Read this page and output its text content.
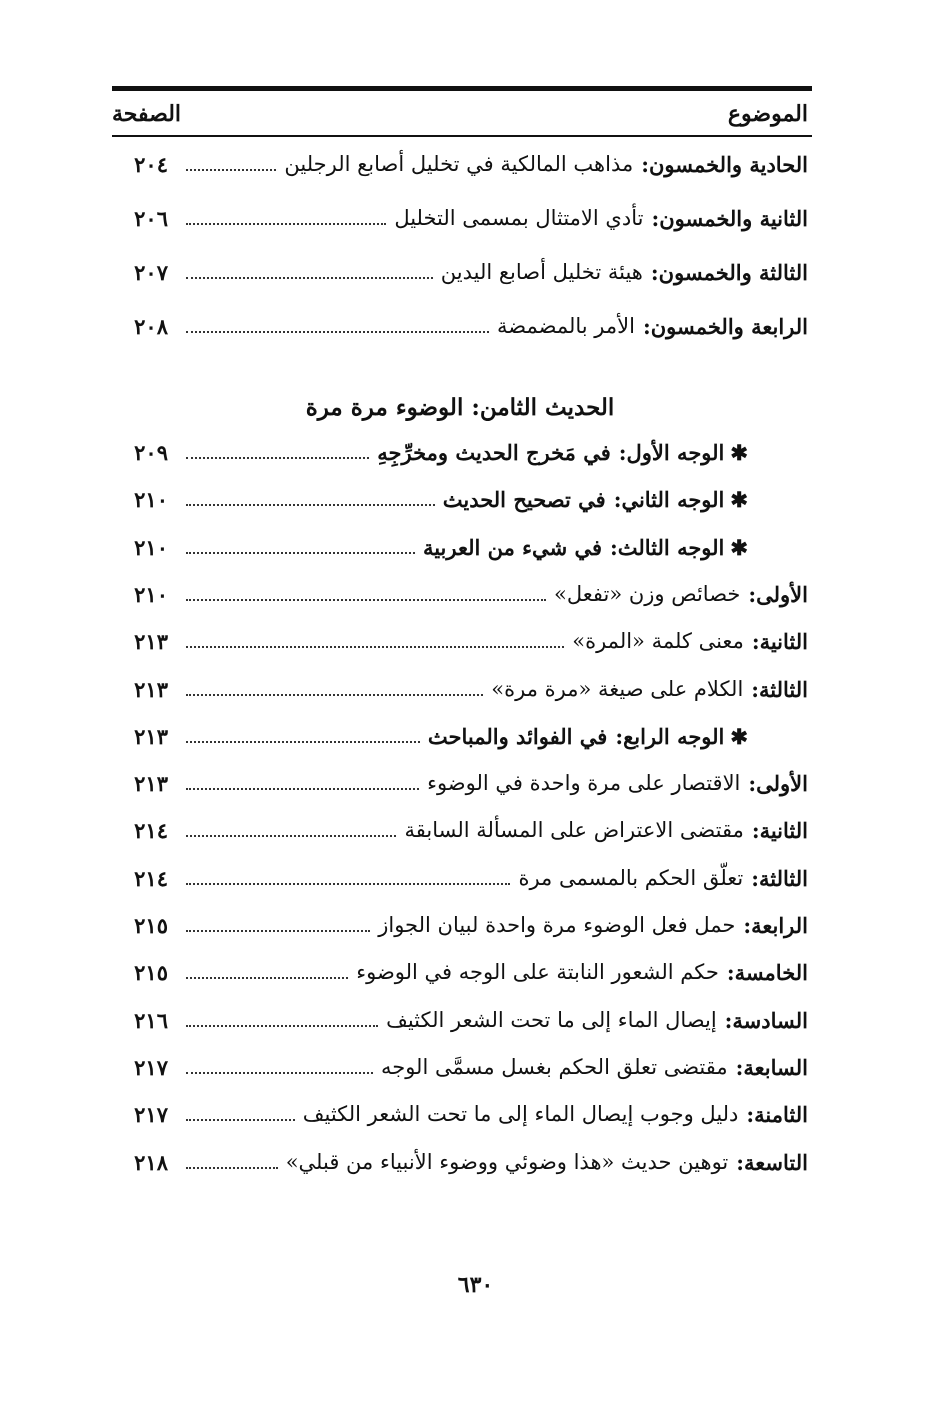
الموضوع
الصفحة
الحادية والخمسون:
مذاهب المالكية في تخليل أصابع الرجلين
٢٠٤
الثانية والخمسون:
تأدي الامتثال بمسمى التخليل
٢٠٦
الثالثة والخمسون:
هيئة تخليل أصابع اليدين
٢٠٧
الرابعة والخمسون:
الأمر بالمضمضة
٢٠٨
✱
الوجه الأول:
في مَخرج الحديث ومخرِّجِهِ
٢٠٩
✱
الوجه الثاني:
في تصحيح الحديث
٢١٠
✱
الوجه الثالث:
في شيء من العربية
٢١٠
الأولى:
خصائص وزن «تفعل»
٢١٠
الثانية:
معنى كلمة «المرة»
٢١٣
الثالثة:
الكلام على صيغة «مرة مرة»
٢١٣
✱
الوجه الرابع:
في الفوائد والمباحث
٢١٣
الأولى:
الاقتصار على مرة واحدة في الوضوء
٢١٣
الثانية:
مقتضى الاعتراض على المسألة السابقة
٢١٤
الثالثة:
تعلّق الحكم بالمسمى مرة
٢١٤
الرابعة:
حمل فعل الوضوء مرة واحدة لبيان الجواز
٢١٥
الخامسة:
حكم الشعور النابتة على الوجه في الوضوء
٢١٥
السادسة:
إيصال الماء إلى ما تحت الشعر الكثيف
٢١٦
السابعة:
مقتضى تعلق الحكم بغسل مسمَّى الوجه
٢١٧
الثامنة:
دليل وجوب إيصال الماء إلى ما تحت الشعر الكثيف
٢١٧
التاسعة:
توهين حديث «هذا وضوئي ووضوء الأنبياء من قبلي»
٢١٨
الحديث الثامن: الوضوء مرة مرة
٦٣٠
